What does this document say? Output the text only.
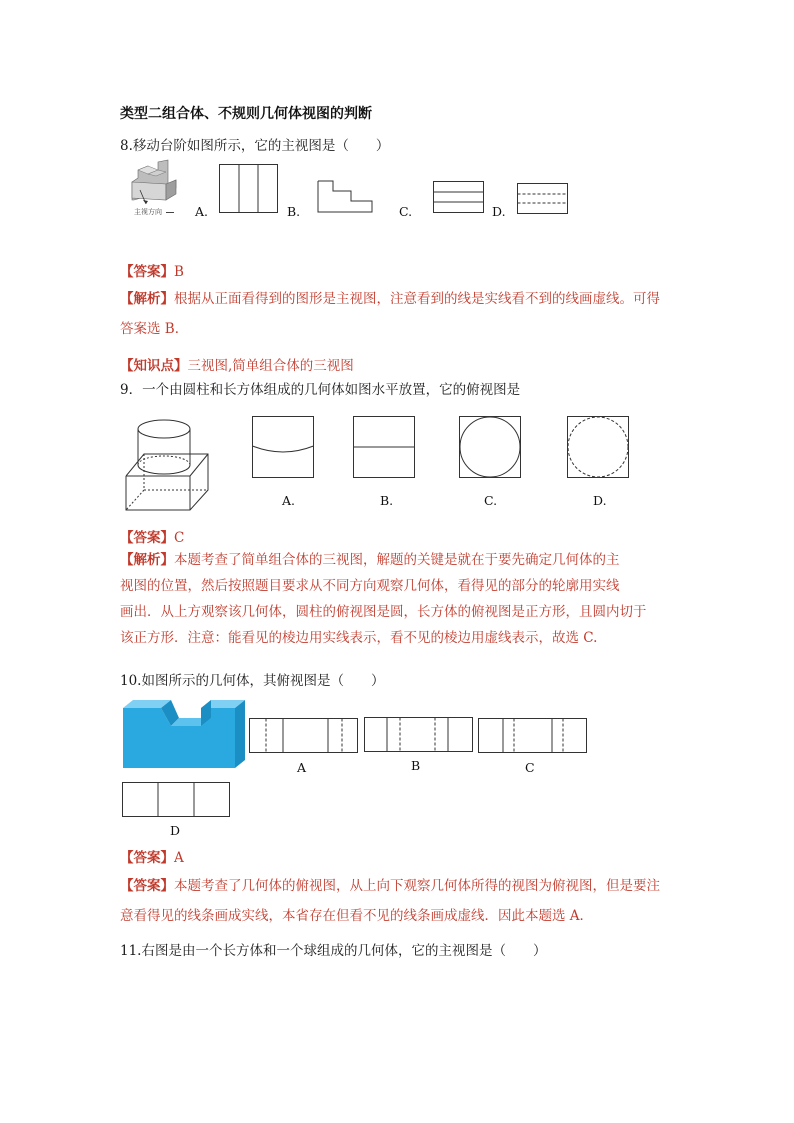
类型二组合体、不规则几何体视图的判断
8.移动台阶如图所示，它的主视图是（　　）
主视方向	A.	B.	C.	D.
【答案】B
【解析】根据从正面看得到的图形是主视图，注意看到的线是实线看不到的线画虚线。可得
答案选 B．
【知识点】三视图,简单组合体的三视图
9．一个由圆柱和长方体组成的几何体如图水平放置，它的俯视图是
A.	B.	C.	D.
【答案】C
【解析】本题考查了简单组合体的三视图，解题的关键是就在于要先确定几何体的主
视图的位置，然后按照题目要求从不同方向观察几何体，看得见的部分的轮廓用实线
画出．从上方观察该几何体，圆柱的俯视图是圆，长方体的俯视图是正方形，且圆内切于
该正方形．注意：能看见的棱边用实线表示，看不见的棱边用虚线表示，故选 C.
10.如图所示的几何体，其俯视图是（　　）
A	B	C
D
【答案】A
【答案】本题考查了几何体的俯视图，从上向下观察几何体所得的视图为俯视图，但是要注
意看得见的线条画成实线，本省存在但看不见的线条画成虚线．因此本题选 A．
11.右图是由一个长方体和一个球组成的几何体，它的主视图是（　　）
